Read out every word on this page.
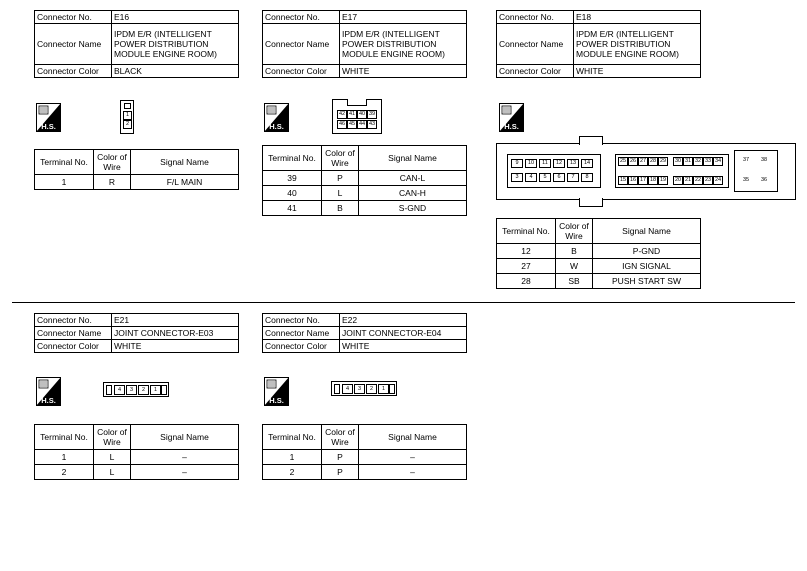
Connector No.	E16
Connector Name	IPDM E/R (INTELLIGENT POWER DISTRIBUTION MODULE ENGINE ROOM)
Connector Color	BLACK
H.S.
1
2
Terminal No.	Color of Wire	Signal Name
1	R	F/L MAIN
Connector No.	E17
Connector Name	IPDM E/R (INTELLIGENT POWER DISTRIBUTION MODULE ENGINE ROOM)
Connector Color	WHITE
H.S.
42 41 40 39
46 45 44 43
Terminal No.	Color of Wire	Signal Name
39	P	CAN-L
40	L	CAN-H
41	B	S-GND
Connector No.	E18
Connector Name	IPDM E/R (INTELLIGENT POWER DISTRIBUTION MODULE ENGINE ROOM)
Connector Color	WHITE
H.S.
9	10	11	12	13	14
3	4	5	6	7	8
25 26 27 28 29	30 31 32 33 34
15 16 17 18 19	20 21 22 23 24
37	38
35	36
Terminal No.	Color of Wire	Signal Name
12	B	P-GND
27	W	IGN SIGNAL
28	SB	PUSH START SW
Connector No.	E21
Connector Name	JOINT CONNECTOR-E03
Connector Color	WHITE
H.S.
4	3	2	1
Terminal No.	Color of Wire	Signal Name
1	L	–
2	L	–
Connector No.	E22
Connector Name	JOINT CONNECTOR-E04
Connector Color	WHITE
H.S.
4	3	2	1
Terminal No.	Color of Wire	Signal Name
1	P	–
2	P	–
